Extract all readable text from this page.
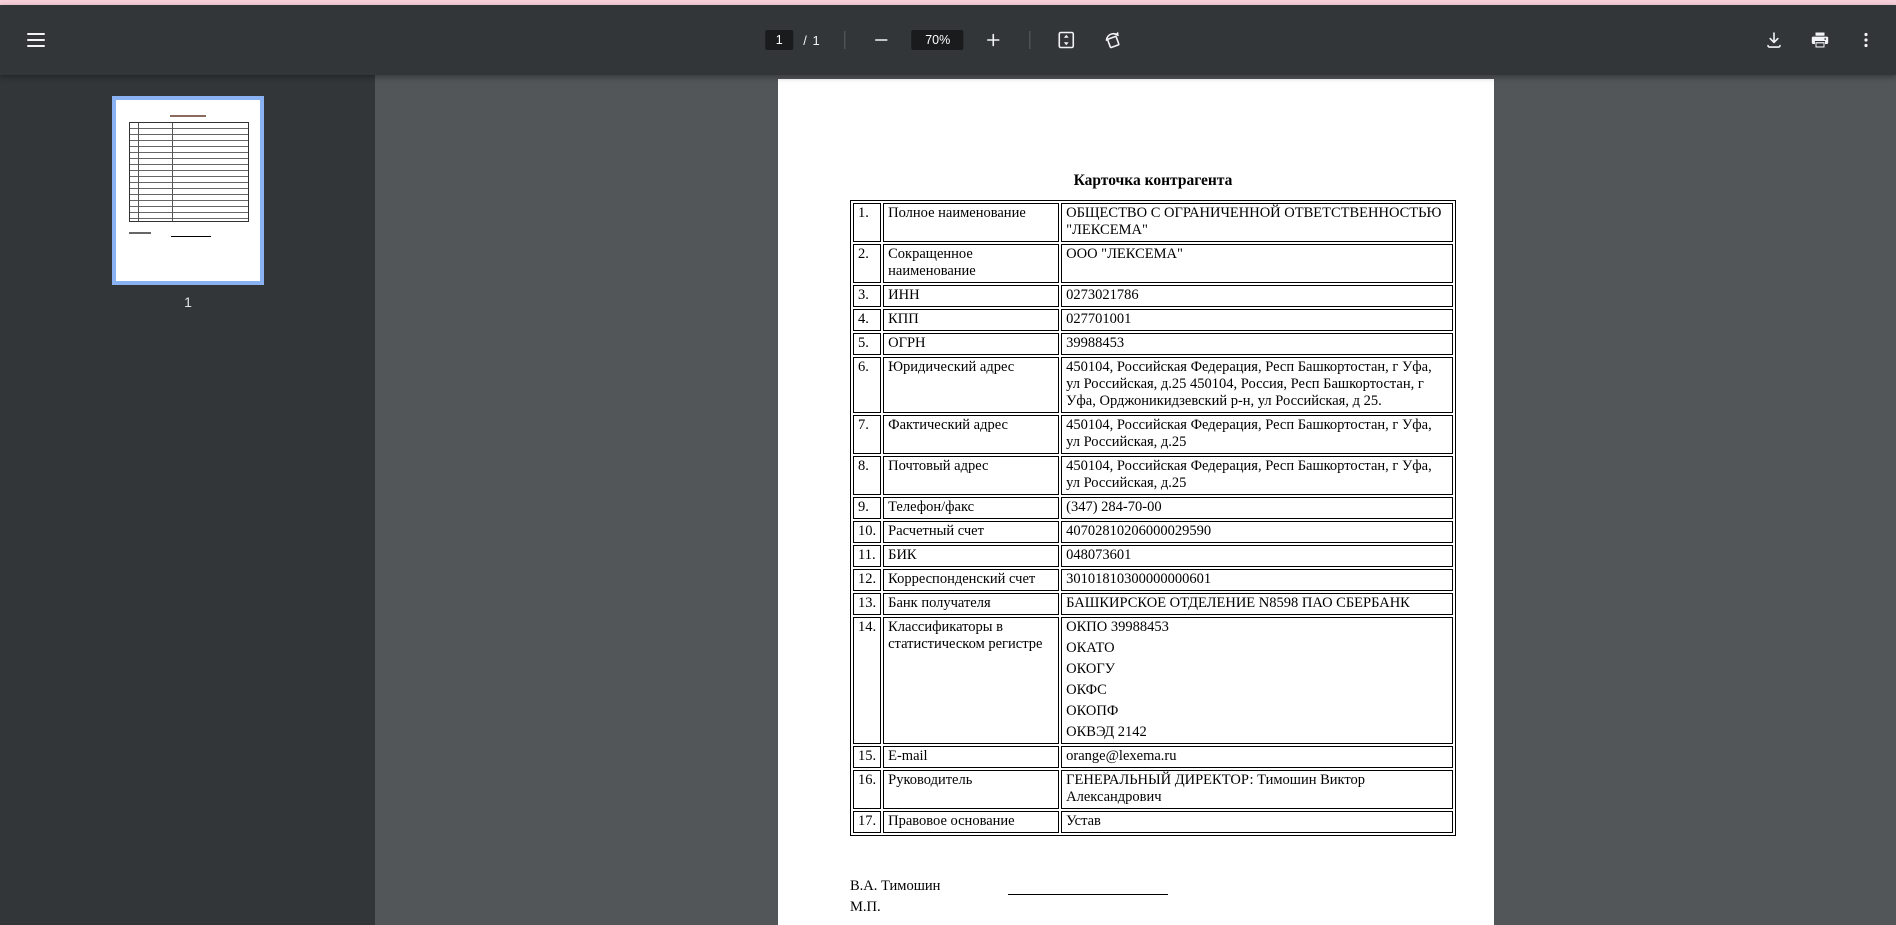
1
/ 1
70%
1
Карточка контрагента
1.	Полное наименование	ОБЩЕСТВО С ОГРАНИЧЕННОЙ ОТВЕТСТВЕННОСТЬЮ "ЛЕКСЕМА"
2.	Сокращенное наименование	ООО "ЛЕКСЕМА"
3.	ИНН	0273021786
4.	КПП	027701001
5.	ОГРН	39988453
6.	Юридический адрес	450104, Российская Федерация, Респ Башкортостан, г Уфа, ул Российская, д.25 450104, Россия, Респ Башкортостан, г Уфа, Орджоникидзевский р-н, ул Российская, д 25.
7.	Фактический адрес	450104, Российская Федерация, Респ Башкортостан, г Уфа, ул Российская, д.25
8.	Почтовый адрес	450104, Российская Федерация, Респ Башкортостан, г Уфа, ул Российская, д.25
9.	Телефон/факс	(347) 284-70-00
10.	Расчетный счет	40702810206000029590
11.	БИК	048073601
12.	Корреспонденский счет	30101810300000000601
13.	Банк получателя	БАШКИРСКОЕ ОТДЕЛЕНИЕ N8598 ПАО СБЕРБАНК
14.	Классификаторы в статистическом регистре	
ОКПО 39988453
ОКАТО
ОКОГУ
ОКФС
ОКОПФ
ОКВЭД 2142

15.	E-mail	orange@lexema.ru
16.	Руководитель	ГЕНЕРАЛЬНЫЙ ДИРЕКТОР: Тимошин Виктор Александрович
17.	Правовое основание	Устав
В.А. Тимошин
М.П.
